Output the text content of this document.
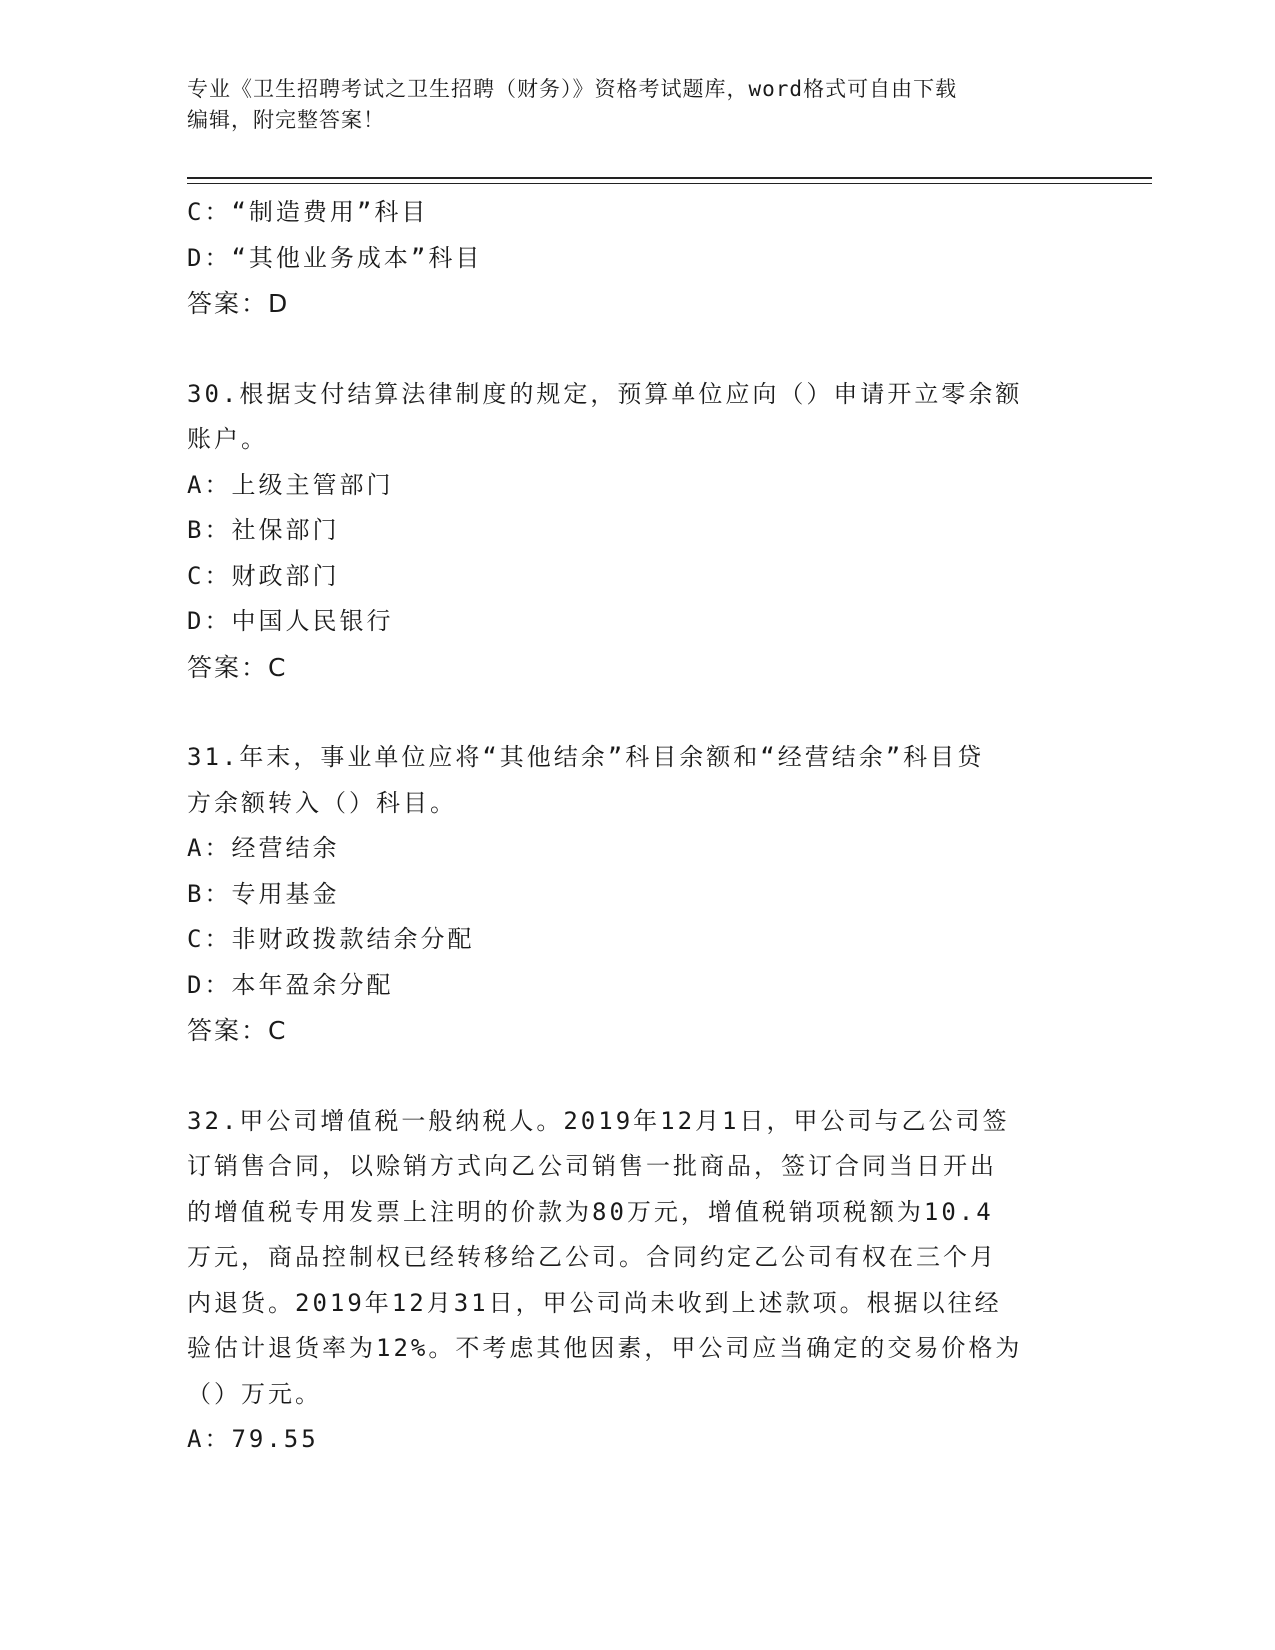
专业《卫生招聘考试之卫生招聘（财务）》资格考试题库，word格式可自由下载
编辑，附完整答案！
C：“制造费用”科目
D：“其他业务成本”科目
答案：D
30.根据支付结算法律制度的规定，预算单位应向（）申请开立零余额
账户。
A：上级主管部门
B：社保部门
C：财政部门
D：中国人民银行
答案：C
31.年末，事业单位应将“其他结余”科目余额和“经营结余”科目贷
方余额转入（）科目。
A：经营结余
B：专用基金
C：非财政拨款结余分配
D：本年盈余分配
答案：C
32.甲公司增值税一般纳税人。2019年12月1日，甲公司与乙公司签
订销售合同，以赊销方式向乙公司销售一批商品，签订合同当日开出
的增值税专用发票上注明的价款为80万元，增值税销项税额为10.4
万元，商品控制权已经转移给乙公司。合同约定乙公司有权在三个月
内退货。2019年12月31日，甲公司尚未收到上述款项。根据以往经
验估计退货率为12%。不考虑其他因素，甲公司应当确定的交易价格为
（）万元。
A：79.55
